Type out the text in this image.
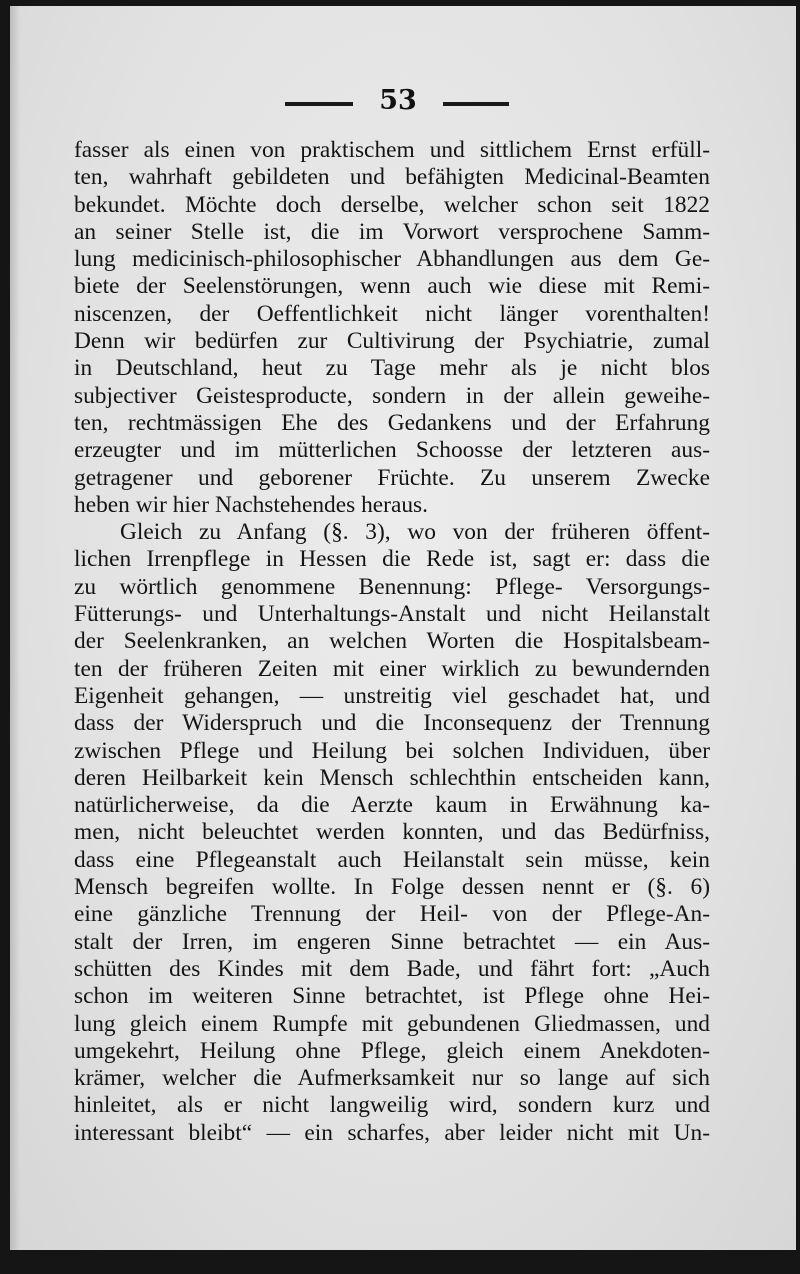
53
fasser als einen von praktischem und sittlichem Ernst erfüll-
ten, wahrhaft gebildeten und befähigten Medicinal-Beamten
bekundet. Möchte doch derselbe, welcher schon seit 1822
an seiner Stelle ist, die im Vorwort versprochene Samm-
lung medicinisch-philosophischer Abhandlungen aus dem Ge-
biete der Seelenstörungen, wenn auch wie diese mit Remi-
niscenzen, der Oeffentlichkeit nicht länger vorenthalten!
Denn wir bedürfen zur Cultivirung der Psychiatrie, zumal
in Deutschland, heut zu Tage mehr als je nicht blos
subjectiver Geistesproducte, sondern in der allein geweihe-
ten, rechtmässigen Ehe des Gedankens und der Erfahrung
erzeugter und im mütterlichen Schoosse der letzteren aus-
getragener und geborener Früchte. Zu unserem Zwecke
heben wir hier Nachstehendes heraus.
Gleich zu Anfang (§. 3), wo von der früheren öffent-
lichen Irrenpflege in Hessen die Rede ist, sagt er: dass die
zu wörtlich genommene Benennung: Pflege- Versorgungs-
Fütterungs- und Unterhaltungs-Anstalt und nicht Heilanstalt
der Seelenkranken, an welchen Worten die Hospitalsbeam-
ten der früheren Zeiten mit einer wirklich zu bewundernden
Eigenheit gehangen, — unstreitig viel geschadet hat, und
dass der Widerspruch und die Inconsequenz der Trennung
zwischen Pflege und Heilung bei solchen Individuen, über
deren Heilbarkeit kein Mensch schlechthin entscheiden kann,
natürlicherweise, da die Aerzte kaum in Erwähnung ka-
men, nicht beleuchtet werden konnten, und das Bedürfniss,
dass eine Pflegeanstalt auch Heilanstalt sein müsse, kein
Mensch begreifen wollte. In Folge dessen nennt er (§. 6)
eine gänzliche Trennung der Heil- von der Pflege-An-
stalt der Irren, im engeren Sinne betrachtet — ein Aus-
schütten des Kindes mit dem Bade, und fährt fort: „Auch
schon im weiteren Sinne betrachtet, ist Pflege ohne Hei-
lung gleich einem Rumpfe mit gebundenen Gliedmassen, und
umgekehrt, Heilung ohne Pflege, gleich einem Anekdoten-
krämer, welcher die Aufmerksamkeit nur so lange auf sich
hinleitet, als er nicht langweilig wird, sondern kurz und
interessant bleibt“ — ein scharfes, aber leider nicht mit Un-
